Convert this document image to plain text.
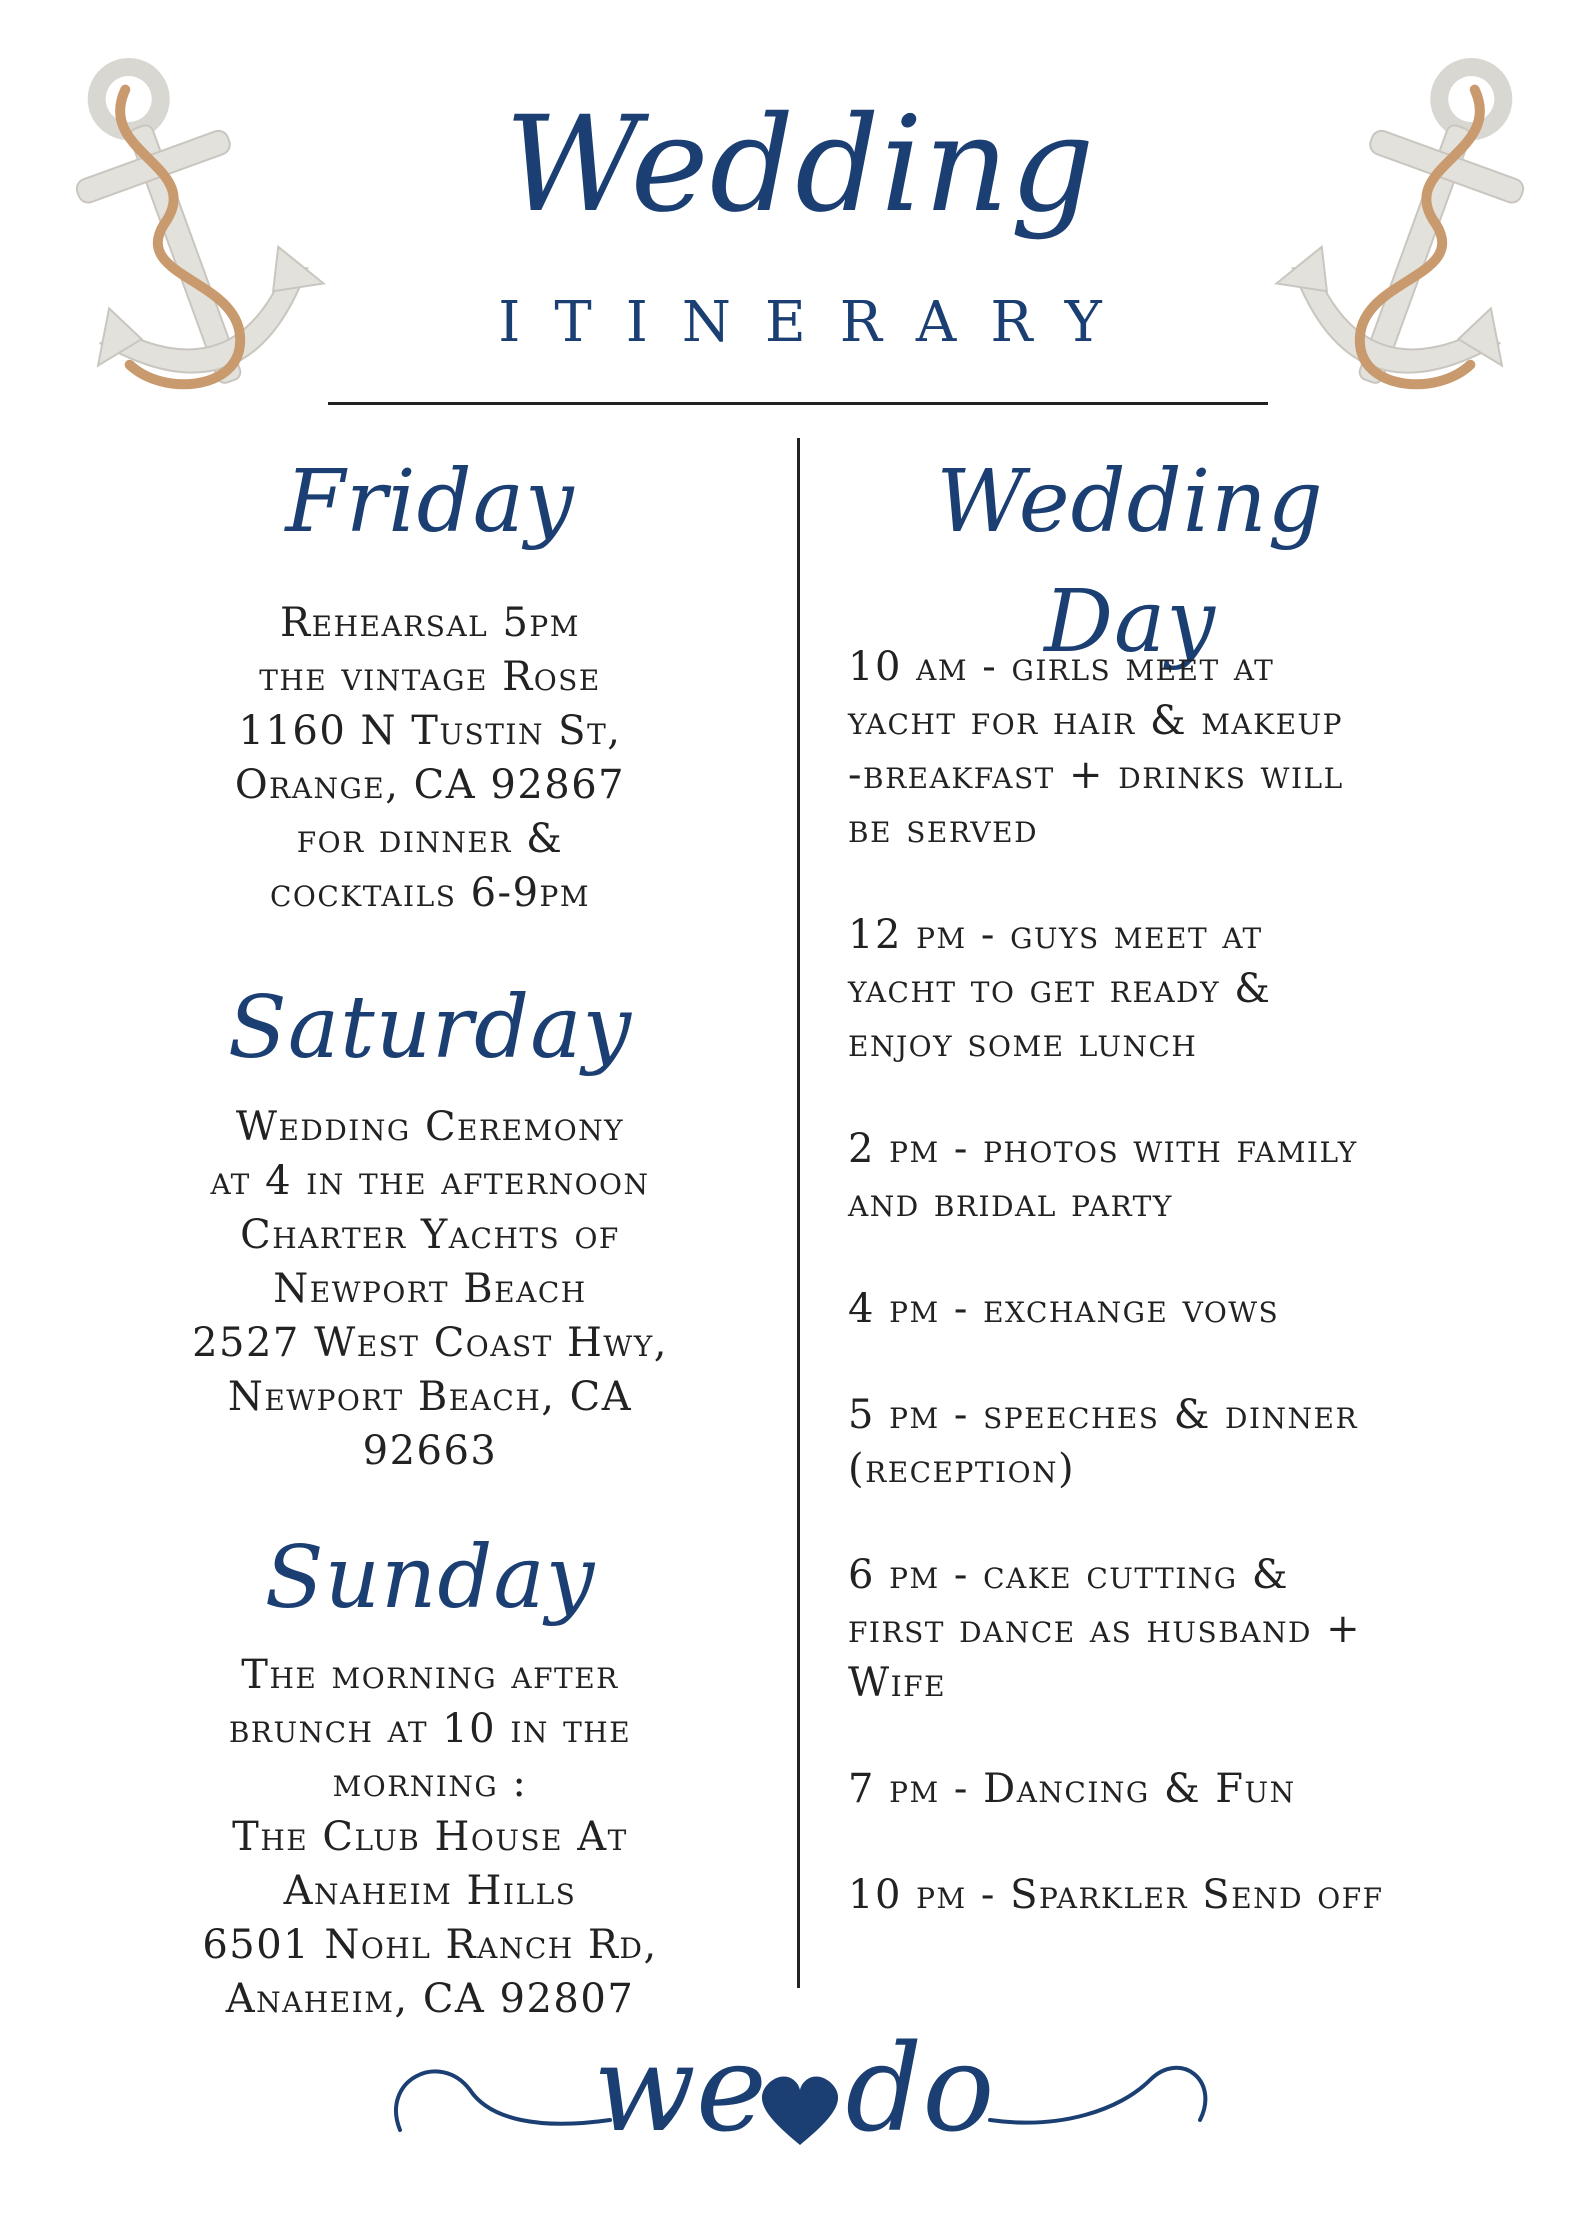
Wedding
ITINERARY
Friday
Rehearsal 5pm
the vintage Rose
1160 N Tustin St,
Orange, CA 92867
for dinner &
cocktails 6-9pm
Saturday
Wedding Ceremony
at 4 in the afternoon
Charter Yachts of
Newport Beach
2527 West Coast Hwy,
Newport Beach, CA
92663
Sunday
The morning after
brunch at 10 in the
morning :
The Club House At
Anaheim Hills
6501 Nohl Ranch Rd,
Anaheim, CA 92807
Wedding Day
10 am - girls meet at
yacht for hair & makeup
-breakfast + drinks will
be served
12 pm - guys meet at
yacht to get ready &
enjoy some lunch
2 pm - photos with family
and bridal party
4 pm - exchange vows
5 pm - speeches & dinner
(reception)
6 pm - cake cutting &
first dance as husband +
Wife
7 pm - Dancing & Fun
10 pm - Sparkler Send off
we do
